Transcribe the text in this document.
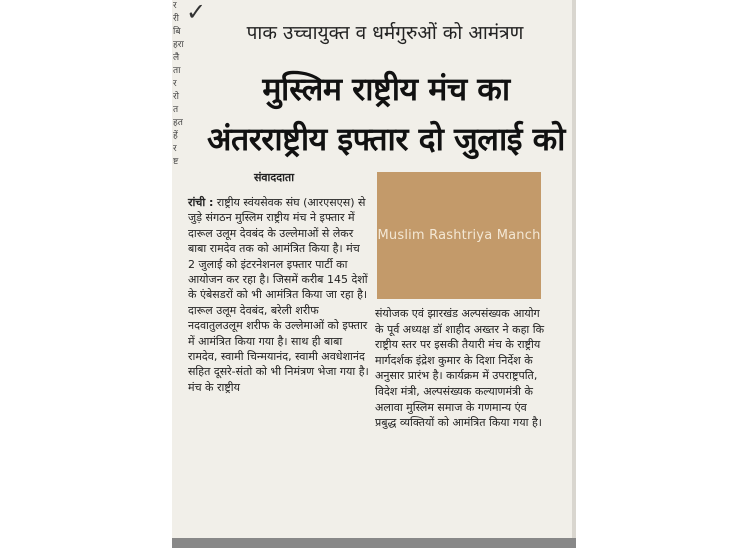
र
री
बि
हरा
लै
ता
र
रो
त
हत
हें
र
ष्ट
✓
पाक उच्चायुक्त व धर्मगुरुओं को आमंत्रण
मुस्लिम राष्ट्रीय मंच का अंतरराष्ट्रीय इफ्तार दो जुलाई को
संवाददाता
रांची : राष्ट्रीय स्वंयसेवक संघ (आरएसएस) से जुड़े संगठन मुस्लिम राष्ट्रीय मंच ने इफ्तार में दारूल उलूम देवबंद के उल्लेमाओं से लेकर बाबा रामदेव तक को आमंत्रित किया है। मंच 2 जुलाई को इंटरनेशनल इफ्तार पार्टी का आयोजन कर रहा है। जिसमें करीब 145 देशों के एंबेसडरों को भी आमंत्रित किया जा रहा है। दारूल उलूम देवबंद, बरेली शरीफ नदवातुलउलूम शरीफ के उल्लेमाओं को इफ्तार में आमंत्रित किया गया है। साथ ही बाबा रामदेव, स्वामी चिन्मयानंद, स्वामी अवधेशानंद सहित दूसरे-संतो को भी निमंत्रण भेजा गया है। मंच के राष्ट्रीय
Muslim Rashtriya Manch
संयोजक एवं झारखंड अल्पसंख्यक आयोग के पूर्व अध्यक्ष डॉ शाहीद अख्तर ने कहा कि राष्ट्रीय स्तर पर इसकी तैयारी मंच के राष्ट्रीय मार्गदर्शक इंद्रेश कुमार के दिशा निर्देश के अनुसार प्रारंभ है। कार्यक्रम में उपराष्ट्रपति, विदेश मंत्री, अल्पसंख्यक कल्याणमंत्री के अलावा मुस्लिम समाज के गणमान्य एंव प्रबुद्ध व्यक्तियों को आमंत्रित किया गया है।
